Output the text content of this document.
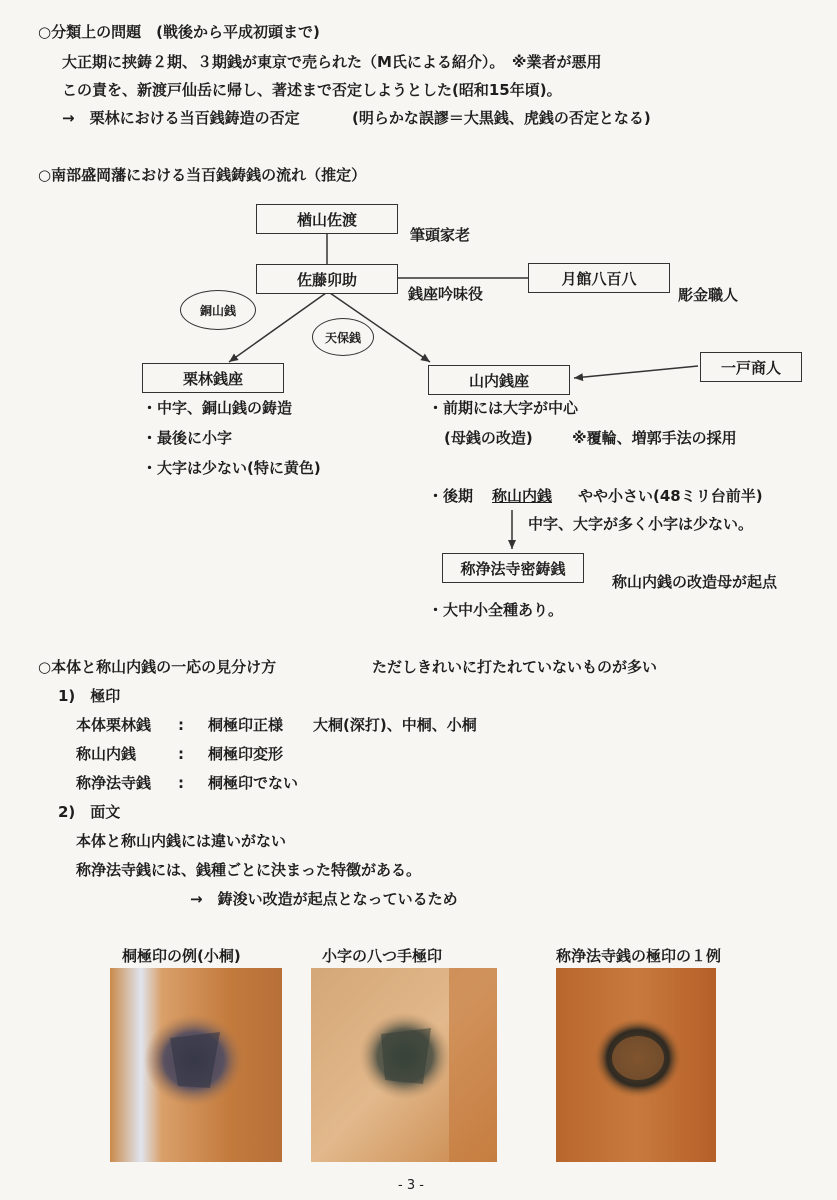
○分類上の問題　(戦後から平成初頭まで)
大正期に挟鋳２期、３期銭が東京で売られた（M氏による紹介）。　※業者が悪用
この責を、新渡戸仙岳に帰し、著述まで否定しようとした(昭和15年頃)。
→　栗林における当百銭鋳造の否定	(明らかな誤謬＝大黒銭、虎銭の否定となる)
○南部盛岡藩における当百銭鋳銭の流れ（推定）
楢山佐渡
筆頭家老
佐藤卯助
銭座吟味役
月館八百八
彫金職人
銅山銭
天保銭
栗林銭座	山内銭座
一戸商人
・中字、銅山銭の鋳造
・最後に小字
・大字は少ない(特に黄色)
・前期には大字が中心
(母銭の改造)	※覆輪、増郭手法の採用
・後期 称山内銭 やや小さい(48ミリ台前半)
中字、大字が多く小字は少ない。
称浄法寺密鋳銭
称山内銭の改造母が起点
・大中小全種あり。
○本体と称山内銭の一応の見分け方	ただしきれいに打たれていないものが多い
1)　極印
本体栗林銭 : 桐極印正様　　大桐(深打)、中桐、小桐
称山内銭	: 桐極印変形
称浄法寺銭 : 桐極印でない
2)　面文
本体と称山内銭には違いがない
称浄法寺銭には、銭種ごとに決まった特徴がある。
→　鋳浚い改造が起点となっているため
桐極印の例(小桐)	小字の八つ手極印	称浄法寺銭の極印の１例
- 3 -
